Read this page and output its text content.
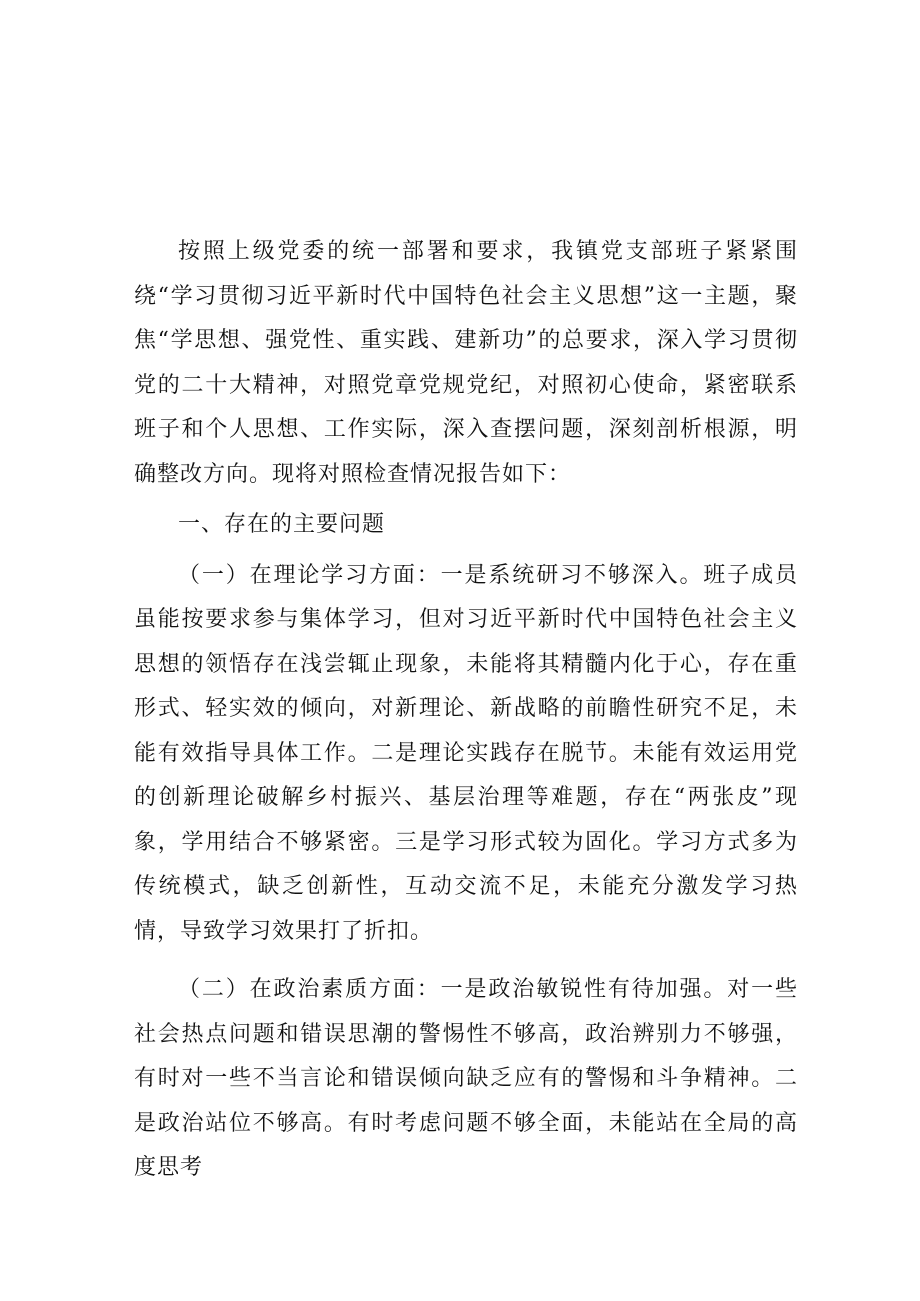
按照上级党委的统一部署和要求，我镇党支部班子紧紧围绕“学习贯彻习近平新时代中国特色社会主义思想”这一主题，聚焦“学思想、强党性、重实践、建新功”的总要求，深入学习贯彻党的二十大精神，对照党章党规党纪，对照初心使命，紧密联系班子和个人思想、工作实际，深入查摆问题，深刻剖析根源，明确整改方向。现将对照检查情况报告如下：

一、存在的主要问题

（一）在理论学习方面：一是系统研习不够深入。班子成员虽能按要求参与集体学习，但对习近平新时代中国特色社会主义思想的领悟存在浅尝辄止现象，未能将其精髓内化于心，存在重形式、轻实效的倾向，对新理论、新战略的前瞻性研究不足，未能有效指导具体工作。二是理论实践存在脱节。未能有效运用党的创新理论破解乡村振兴、基层治理等难题，存在“两张皮”现象，学用结合不够紧密。三是学习形式较为固化。学习方式多为传统模式，缺乏创新性，互动交流不足，未能充分激发学习热情，导致学习效果打了折扣。

（二）在政治素质方面：一是政治敏锐性有待加强。对一些社会热点问题和错误思潮的警惕性不够高，政治辨别力不够强，有时对一些不当言论和错误倾向缺乏应有的警惕和斗争精神。二是政治站位不够高。有时考虑问题不够全面，未能站在全局的高度思考
